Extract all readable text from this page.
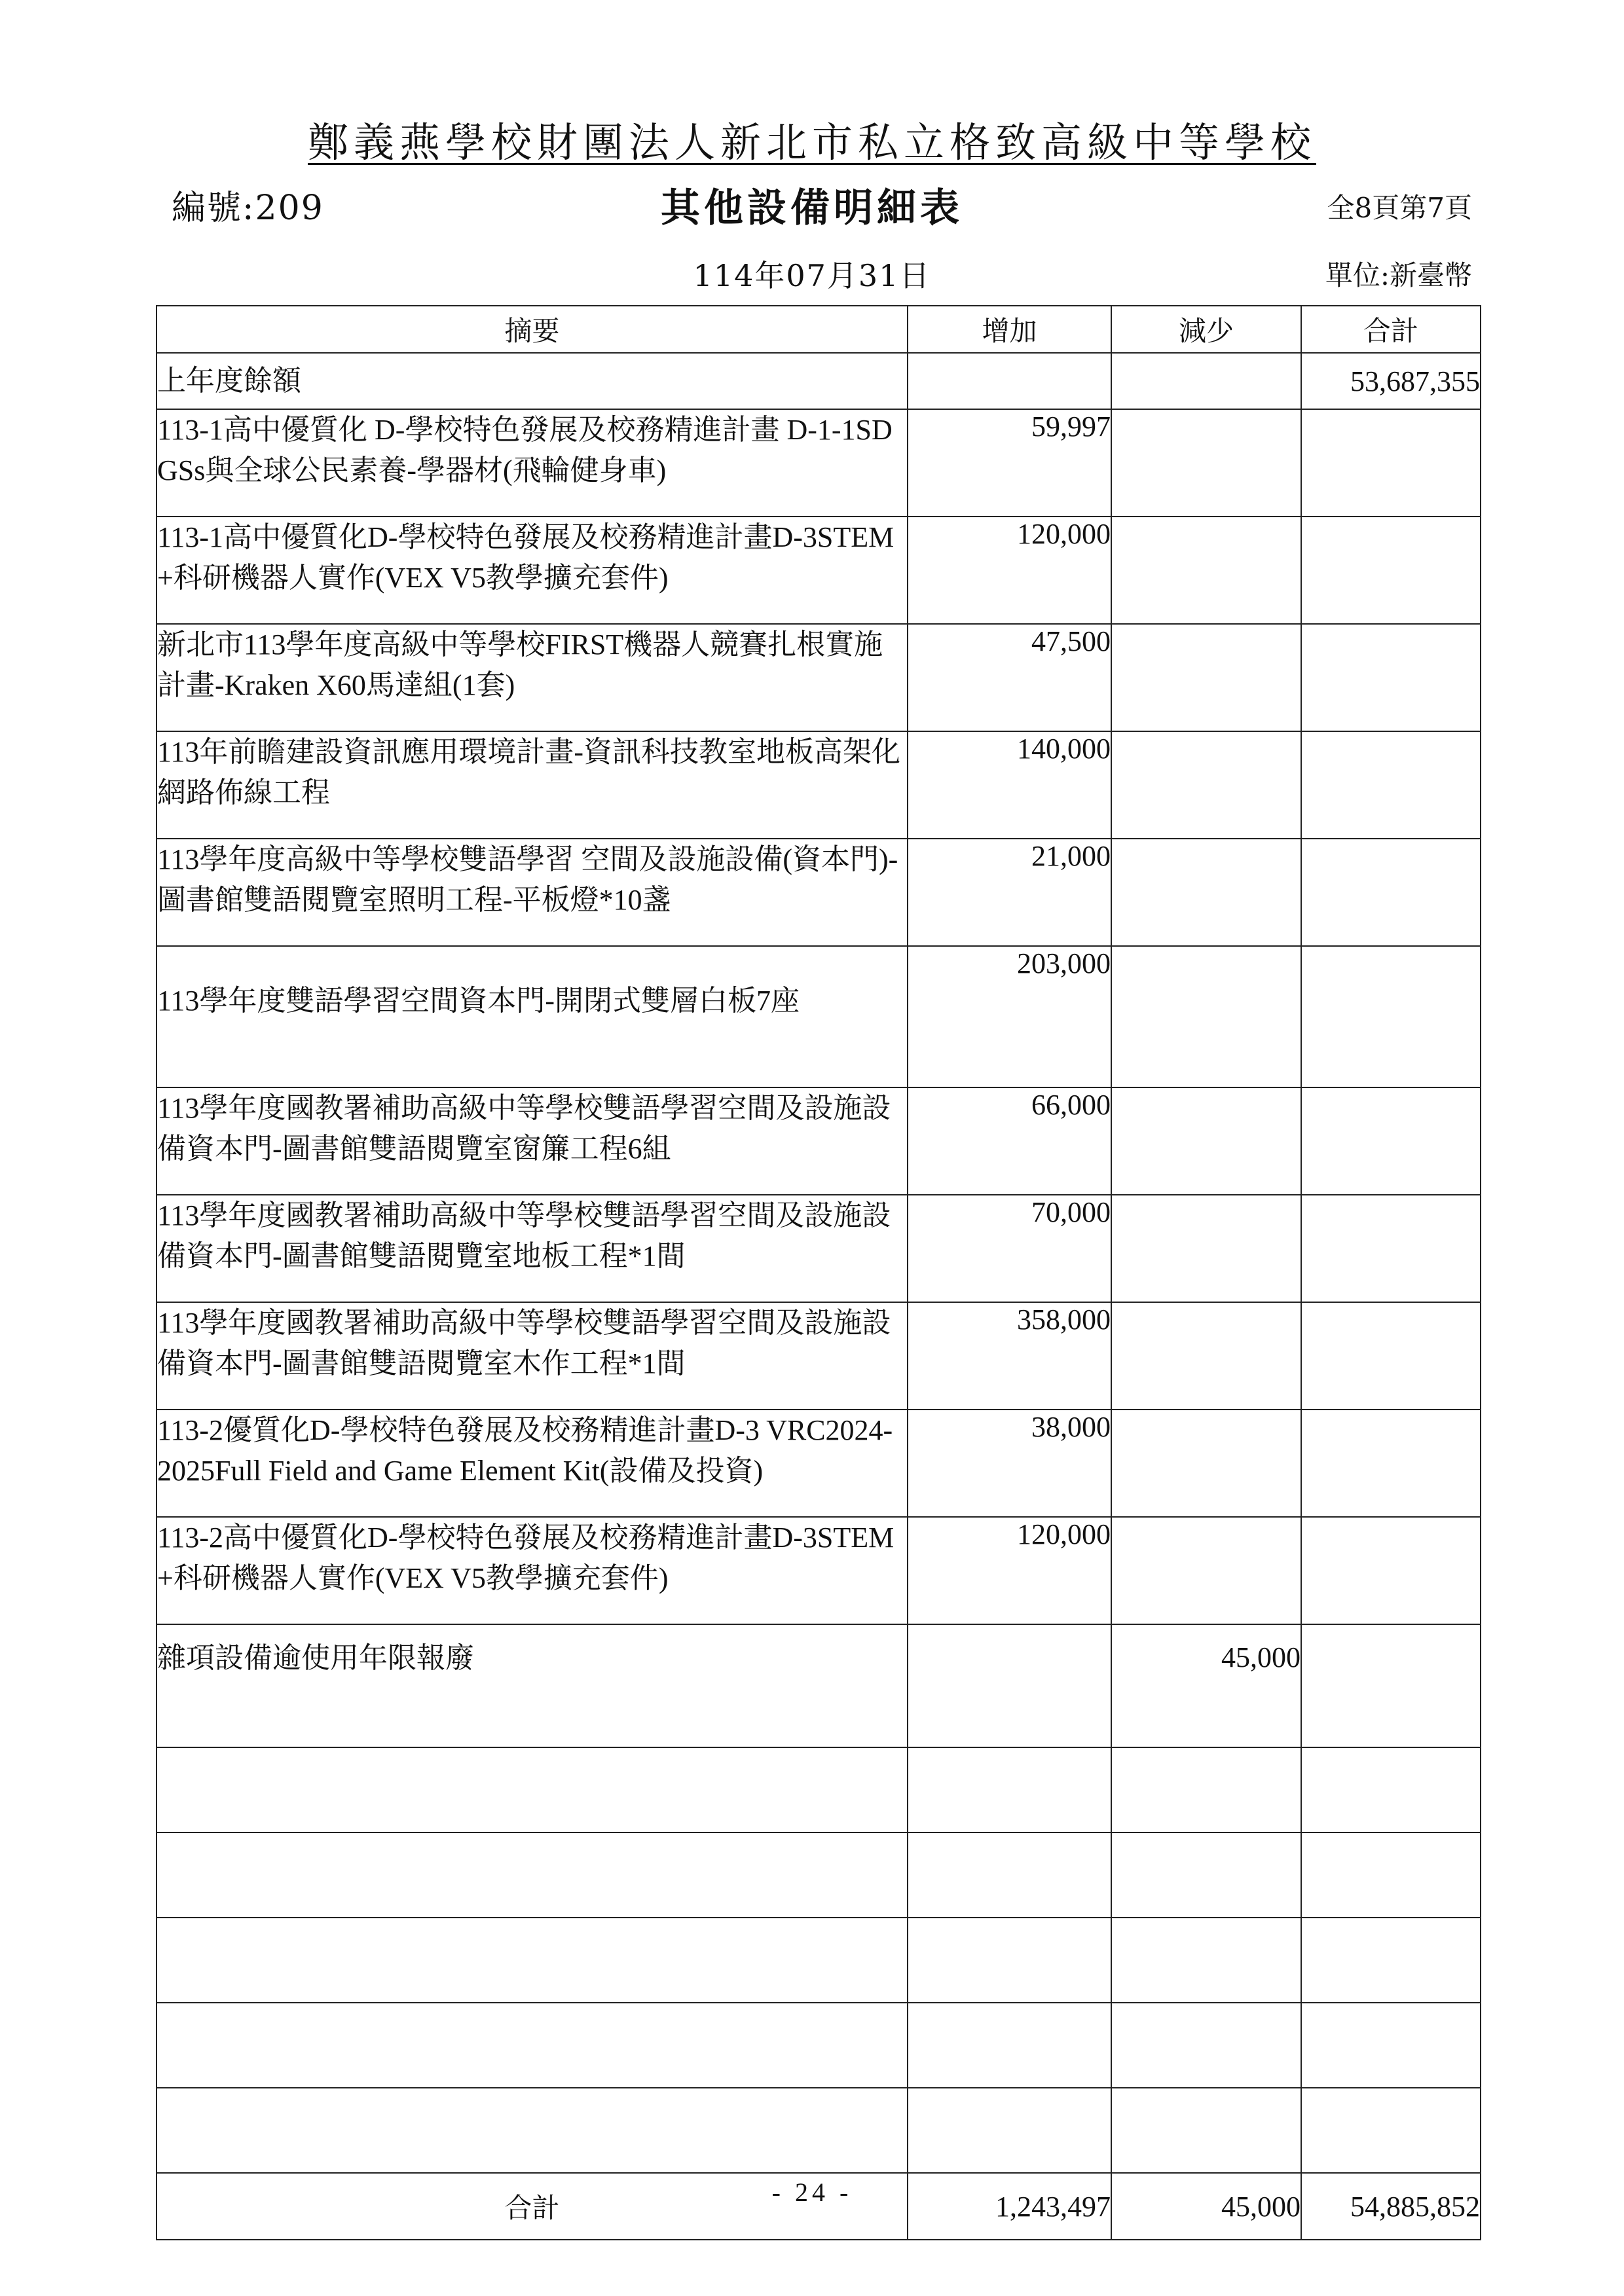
鄭義燕學校財團法人新北市私立格致高級中等學校
編號:209	其他設備明細表	全8頁第7頁
114年07月31日	單位:新臺幣
摘要	增加	減少	合計
上年度餘額			53,687,355
113-1高中優質化 D-學校特色發展及校務精進計畫 D-1-1SDGSs與全球公民素養-學器材(飛輪健身車)	59,997		
113-1高中優質化D-學校特色發展及校務精進計畫D-3STEM+科研機器人實作(VEX V5教學擴充套件)	120,000		
新北市113學年度高級中等學校FIRST機器人競賽扎根實施計畫-Kraken X60馬達組(1套)	47,500		
113年前瞻建設資訊應用環境計畫-資訊科技教室地板高架化網路佈線工程	140,000		
113學年度高級中等學校雙語學習 空間及設施設備(資本門)-圖書館雙語閱覽室照明工程-平板燈*10盞	21,000		
113學年度雙語學習空間資本門-開閉式雙層白板7座	203,000		
113學年度國教署補助高級中等學校雙語學習空間及設施設備資本門-圖書館雙語閱覽室窗簾工程6組	66,000		
113學年度國教署補助高級中等學校雙語學習空間及設施設備資本門-圖書館雙語閱覽室地板工程*1間	70,000		
113學年度國教署補助高級中等學校雙語學習空間及設施設備資本門-圖書館雙語閱覽室木作工程*1間	358,000		
113-2優質化D-學校特色發展及校務精進計畫D-3 VRC2024-2025Full Field and Game Element Kit(設備及投資)	38,000		
113-2高中優質化D-學校特色發展及校務精進計畫D-3STEM+科研機器人實作(VEX V5教學擴充套件)	120,000		
雜項設備逾使用年限報廢		45,000	

合計	1,243,497	45,000	54,885,852
- 24 -
